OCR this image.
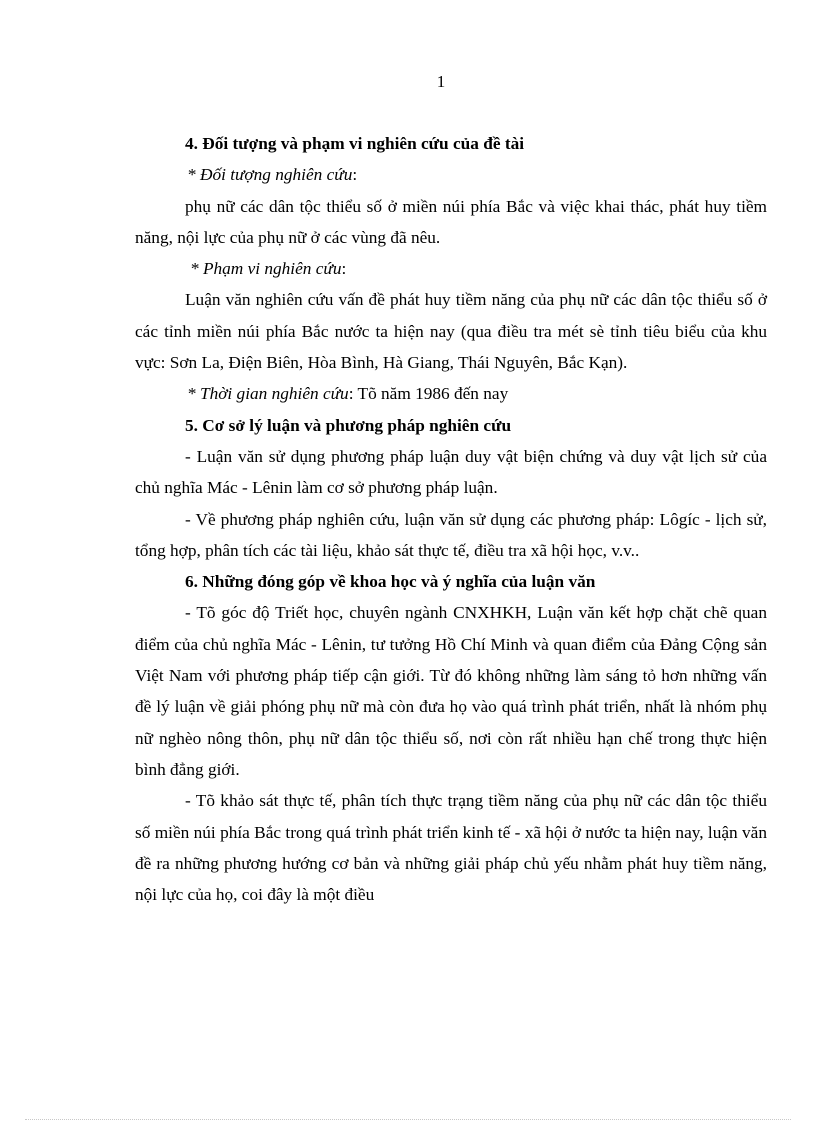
1

4. Đối tượng và phạm vi nghiên cứu của đề tài

* Đối tượng nghiên cứu:

phụ nữ các dân tộc thiểu số ở miền núi phía Bắc và việc khai thác, phát huy tiềm năng, nội lực của phụ nữ ở các vùng đã nêu.

* Phạm vi nghiên cứu:

Luận văn nghiên cứu vấn đề phát huy tiềm năng của phụ nữ các dân tộc thiểu số ở các tỉnh miền núi phía Bắc nước ta hiện nay (qua điều tra mét sè tỉnh tiêu biểu của khu vực: Sơn La, Điện Biên, Hòa Bình, Hà Giang, Thái Nguyên, Bắc Kạn).

* Thời gian nghiên cứu: Tõ năm 1986 đến nay

5. Cơ sở lý luận và phương pháp nghiên cứu

- Luận văn sử dụng phương pháp luận duy vật biện chứng và duy vật lịch sử của chủ nghĩa Mác - Lênin làm cơ sở phương pháp luận.

- Về phương pháp nghiên cứu, luận văn sử dụng các phương pháp: Lôgíc - lịch sử, tổng hợp, phân tích các tài liệu, khảo sát thực tế, điều tra xã hội học, v.v..

6. Những đóng góp về khoa học và ý nghĩa của luận văn

- Tõ góc độ Triết học, chuyên ngành CNXHKH, Luận văn kết hợp chặt chẽ quan điểm của chủ nghĩa Mác - Lênin, tư tưởng Hồ Chí Minh và quan điểm của Đảng Cộng sản Việt Nam với phương pháp tiếp cận giới. Từ đó không những làm sáng tỏ hơn những vấn đề lý luận về giải phóng phụ nữ mà còn đưa họ vào quá trình phát triển, nhất là nhóm phụ nữ nghèo nông thôn, phụ nữ dân tộc thiểu số, nơi còn rất nhiều hạn chế trong thực hiện bình đẳng giới.

- Tõ khảo sát thực tế, phân tích thực trạng tiềm năng của phụ nữ các dân tộc thiểu số miền núi phía Bắc trong quá trình phát triển kinh tế - xã hội ở nước ta hiện nay, luận văn đề ra những phương hướng cơ bản và những giải pháp chủ yếu nhằm phát huy tiềm năng, nội lực của họ, coi đây là một điều
